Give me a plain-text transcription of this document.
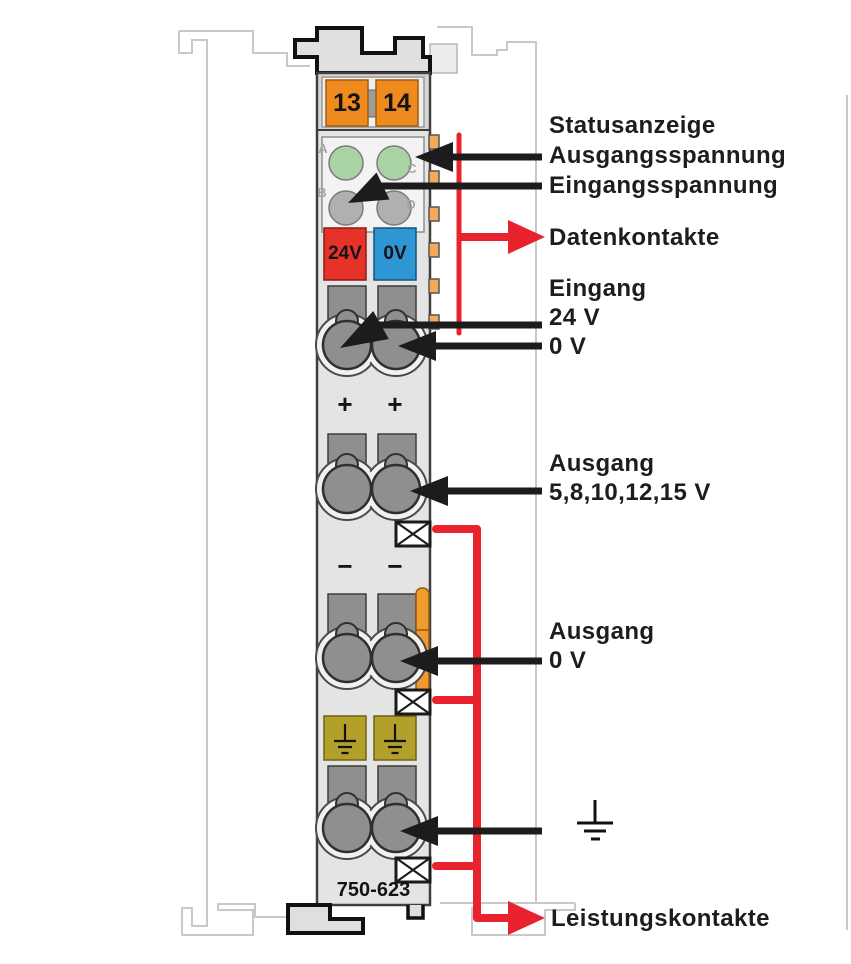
13 14
A
B
C
D
24V	0V
+	+
−	−
750-623
Statusanzeige
Ausgangsspannung
Eingangsspannung
Datenkontakte
Eingang
24 V
0 V
Ausgang
5,8,10,12,15 V
Ausgang
0 V
Leistungskontakte
